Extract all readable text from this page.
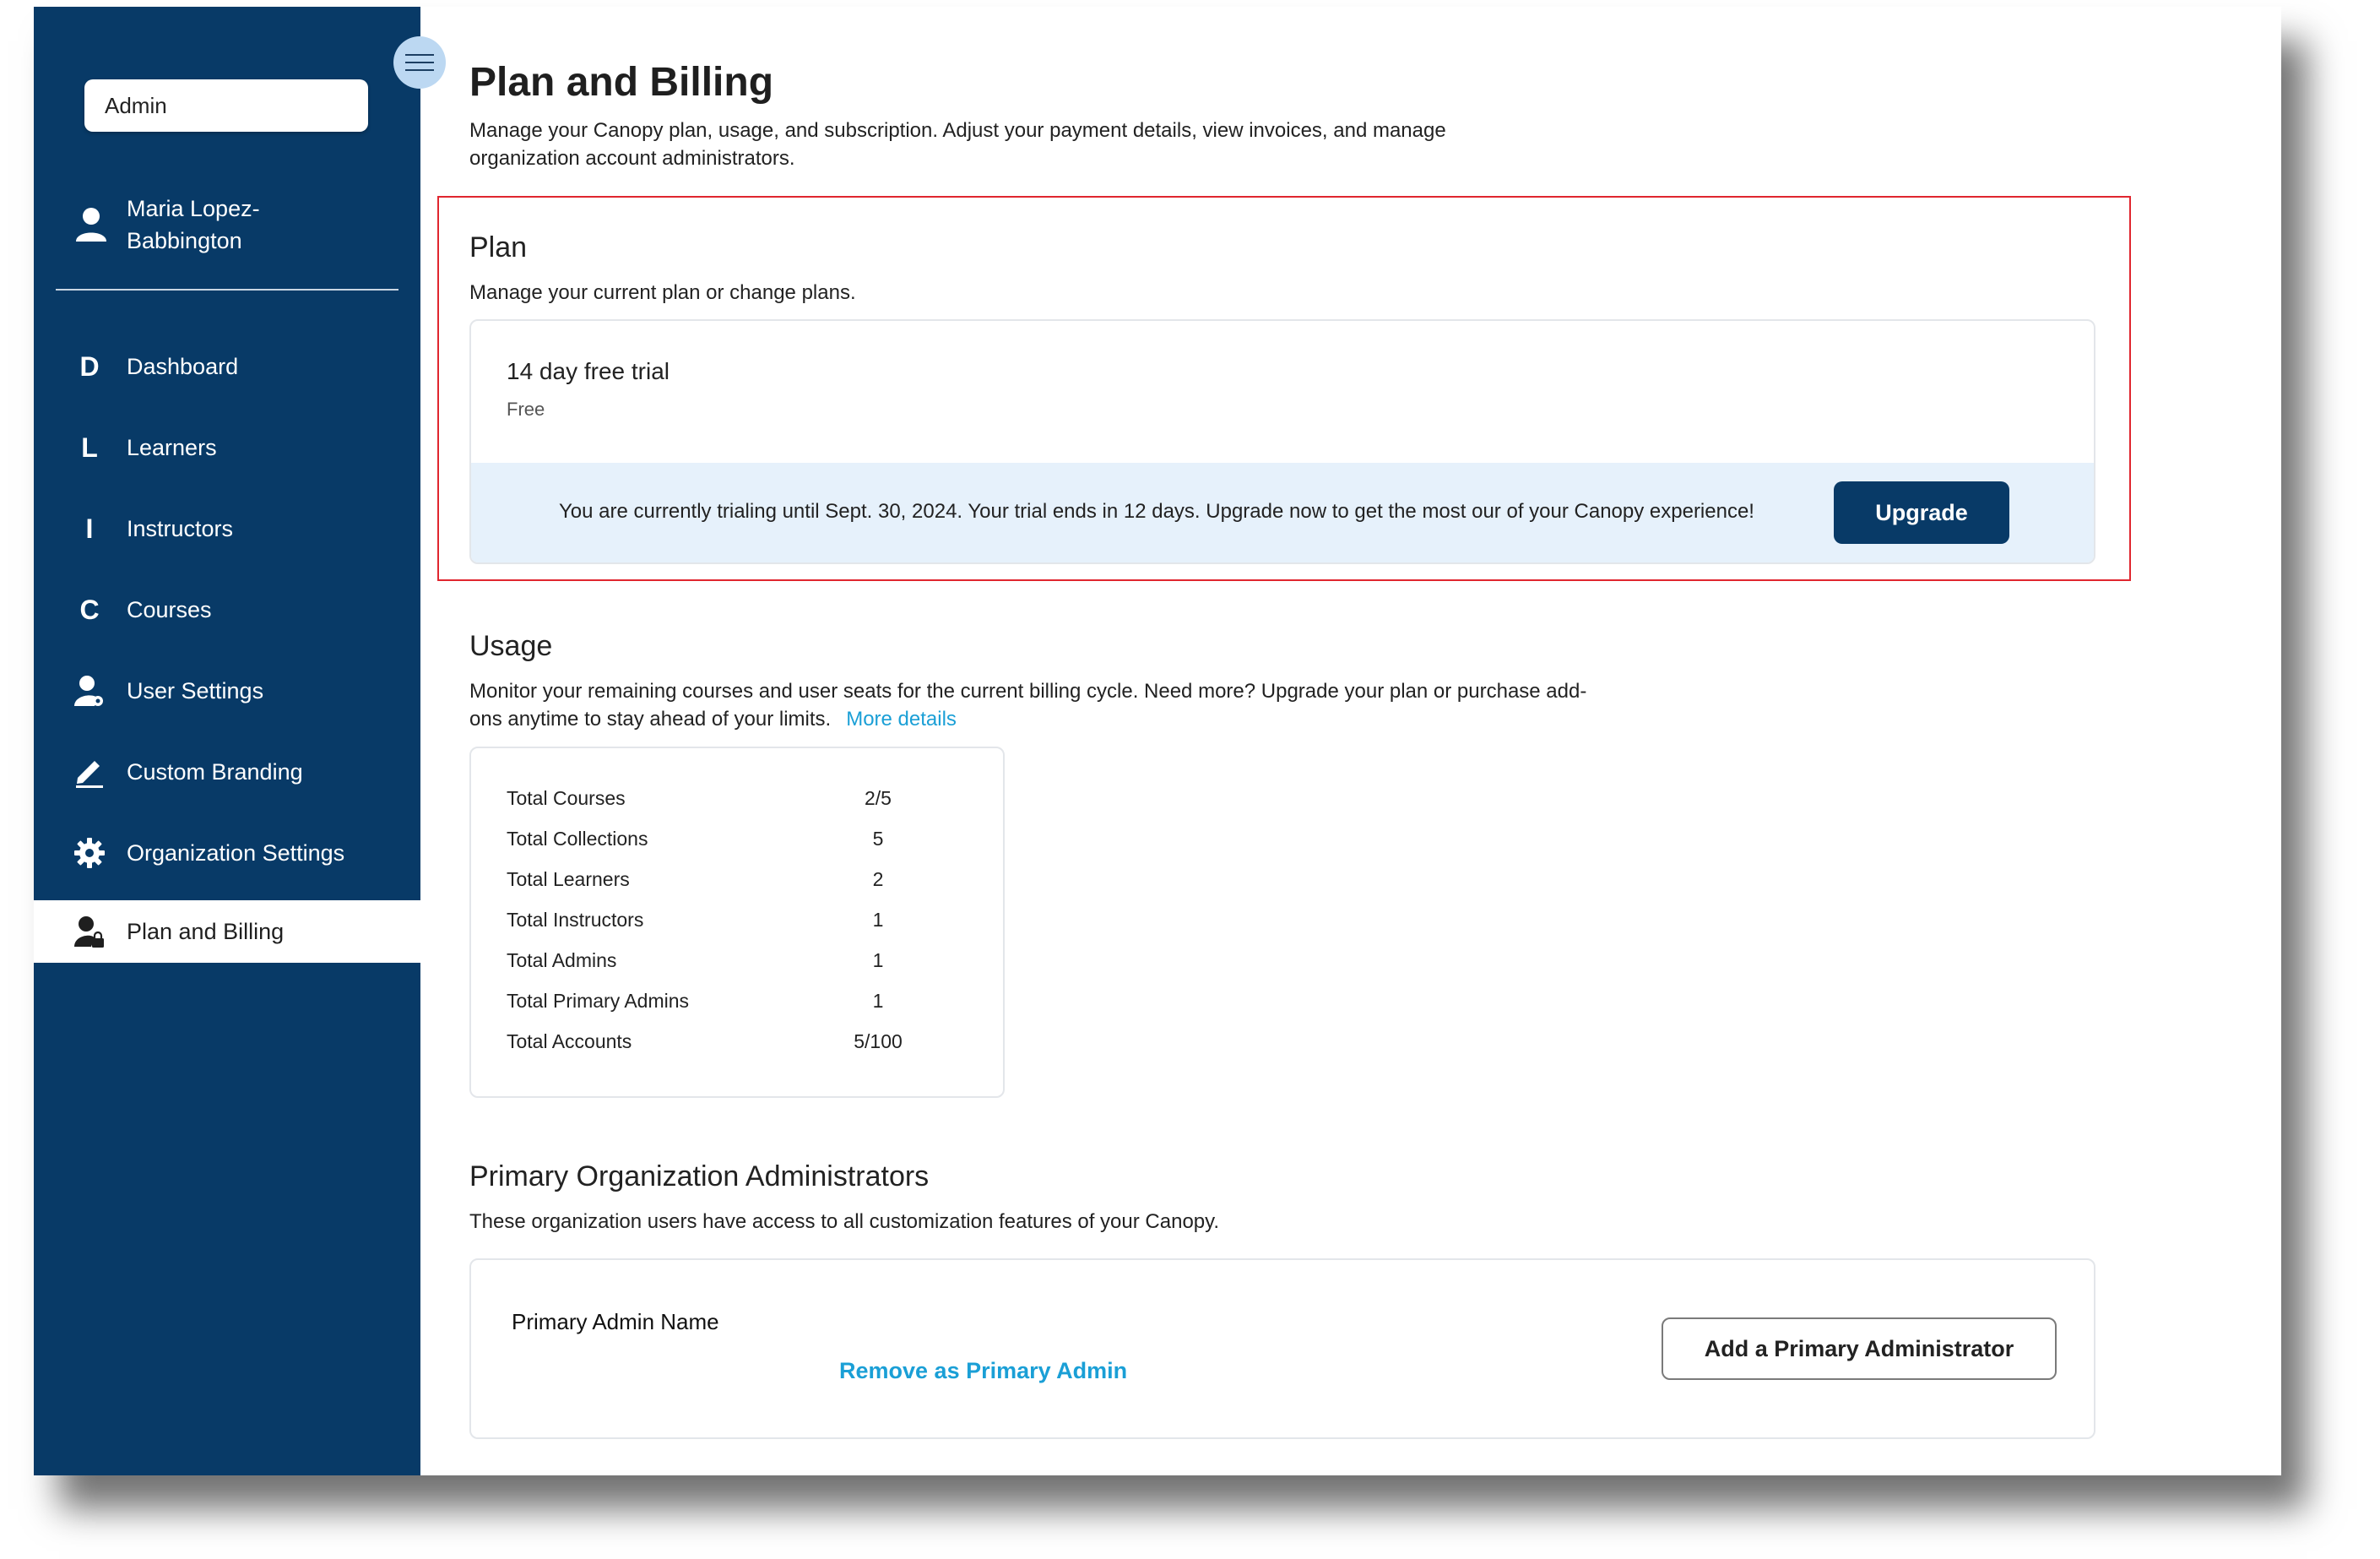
Admin
Maria Lopez-Babbington
D	Dashboard
L	Learners
I	Instructors
C	Courses
User Settings
Custom Branding
Organization Settings
Plan and Billing
Plan and Billing
Manage your Canopy plan, usage, and subscription. Adjust your payment details, view invoices, and manage organization account administrators.
Plan
Manage your current plan or change plans.
14 day free trial
Free
You are currently trialing until Sept. 30, 2024. Your trial ends in 12 days. Upgrade now to get the most our of your Canopy experience!	Upgrade
Usage
Monitor your remaining courses and user seats for the current billing cycle. Need more? Upgrade your plan or purchase add-ons anytime to stay ahead of your limits. More details
Total Courses	2/5
Total Collections	5
Total Learners	2
Total Instructors	1
Total Admins	1
Total Primary Admins	1
Total Accounts	5/100
Primary Organization Administrators
These organization users have access to all customization features of your Canopy.
Primary Admin Name
Remove as Primary Admin
Add a Primary Administrator
